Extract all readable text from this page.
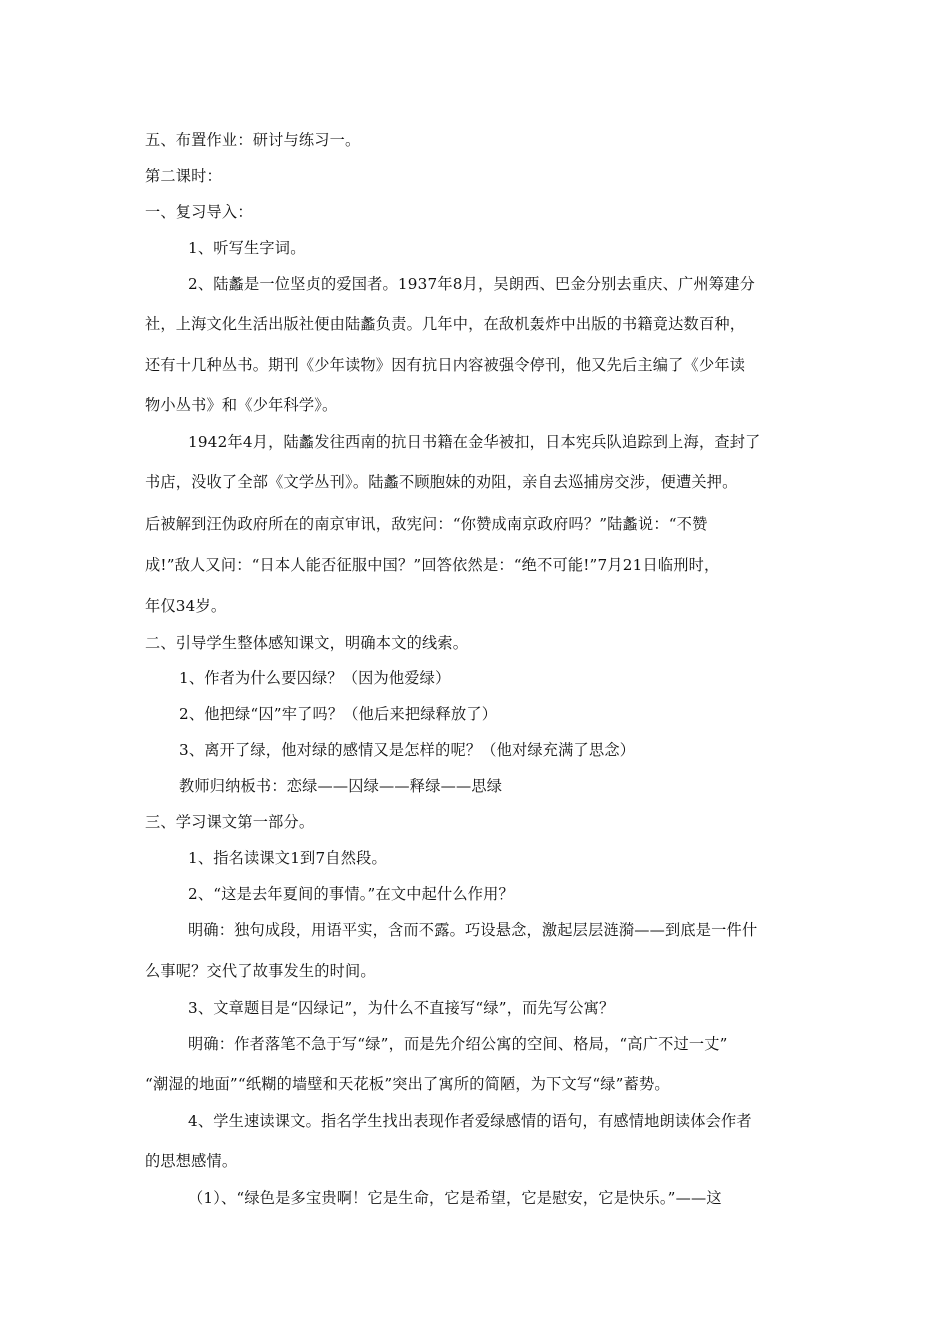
五、布置作业：研讨与练习一。
第二课时：
一、复习导入：
1、听写生字词。
2、陆蠡是一位坚贞的爱国者。1937年8月，吴朗西、巴金分别去重庆、广州筹建分
社，上海文化生活出版社便由陆蠡负责。几年中，在敌机轰炸中出版的书籍竟达数百种，
还有十几种丛书。期刊《少年读物》因有抗日内容被强令停刊，他又先后主编了《少年读
物小丛书》和《少年科学》。
1942年4月，陆蠡发往西南的抗日书籍在金华被扣，日本宪兵队追踪到上海，查封了
书店，没收了全部《文学丛刊》。陆蠡不顾胞妹的劝阻，亲自去巡捕房交涉，便遭关押。
后被解到汪伪政府所在的南京审讯，敌宪问：“你赞成南京政府吗？”陆蠡说：“不赞
成!”敌人又问：“日本人能否征服中国？”回答依然是：“绝不可能!”7月21日临刑时，
年仅34岁。
二、引导学生整体感知课文，明确本文的线索。
1、作者为什么要囚绿？（因为他爱绿）
2、他把绿“囚”牢了吗？（他后来把绿释放了）
3、离开了绿，他对绿的感情又是怎样的呢？（他对绿充满了思念）
教师归纳板书：恋绿——囚绿——释绿——思绿
三、学习课文第一部分。
1、指名读课文1到7自然段。
2、“这是去年夏间的事情。”在文中起什么作用？
明确：独句成段，用语平实，含而不露。巧设悬念，激起层层涟漪——到底是一件什
么事呢？交代了故事发生的时间。
3、文章题目是“囚绿记”，为什么不直接写“绿”，而先写公寓？
明确：作者落笔不急于写“绿”，而是先介绍公寓的空间、格局，“高广不过一丈”
“潮湿的地面”“纸糊的墙壁和天花板”突出了寓所的简陋，为下文写“绿”蓄势。
4、学生速读课文。指名学生找出表现作者爱绿感情的语句，有感情地朗读体会作者
的思想感情。
（1）、“绿色是多宝贵啊！它是生命，它是希望，它是慰安，它是快乐。”——这
